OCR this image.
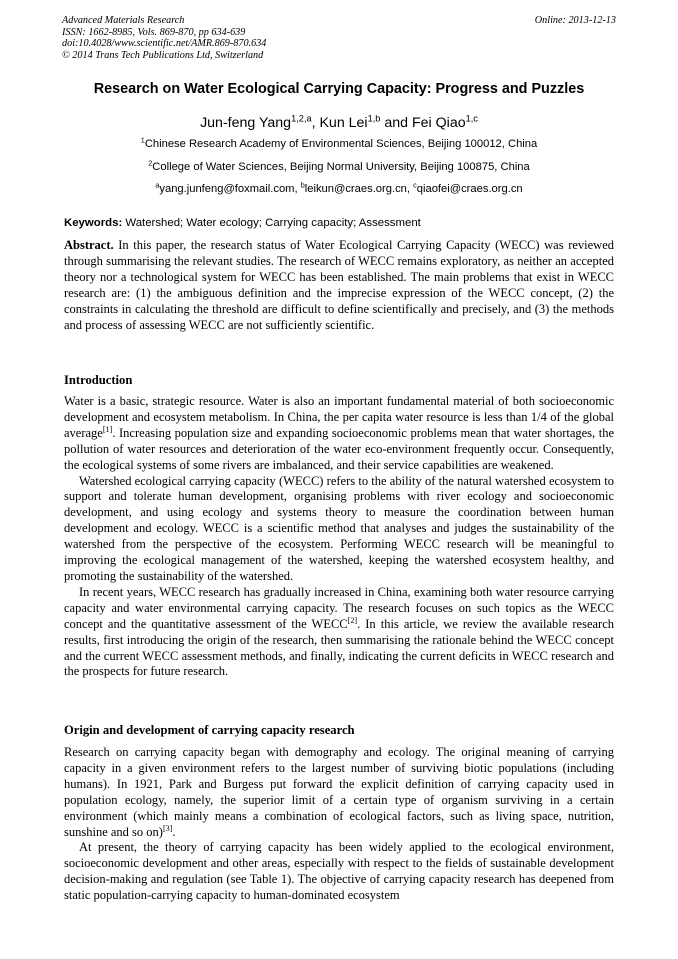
Advanced Materials Research
ISSN: 1662-8985, Vols. 869-870, pp 634-639
doi:10.4028/www.scientific.net/AMR.869-870.634
© 2014 Trans Tech Publications Ltd, Switzerland
Online: 2013-12-13
Research on Water Ecological Carrying Capacity: Progress and Puzzles
Jun-feng Yang$^{1,2,a}$, Kun Lei$^{1,b}$ and Fei Qiao$^{1,c}$
$^1$Chinese Research Academy of Environmental Sciences, Beijing 100012, China
$^2$College of Water Sciences, Beijing Normal University, Beijing 100875, China
$^a$yang.junfeng@foxmail.com, $^b$leikun@craes.org.cn, $^c$qiaofei@craes.org.cn
Keywords: Watershed; Water ecology; Carrying capacity; Assessment

Abstract. In this paper, the research status of Water Ecological Carrying Capacity (WECC) was reviewed through summarising the relevant studies. The research of WECC remains exploratory, as neither an accepted theory nor a technological system for WECC has been established. The main problems that exist in WECC research are: (1) the ambiguous definition and the imprecise expression of the WECC concept, (2) the constraints in calculating the threshold are difficult to define scientifically and precisely, and (3) the methods and process of assessing WECC are not sufficiently scientific.

Introduction

Water is a basic, strategic resource. Water is also an important fundamental material of both socioeconomic development and ecosystem metabolism. In China, the per capita water resource is less than 1/4 of the global average[1]. Increasing population size and expanding socioeconomic problems mean that water shortages, the pollution of water resources and deterioration of the water eco-environment frequently occur. Consequently, the ecological systems of some rivers are imbalanced, and their service capabilities are weakened.

Watershed ecological carrying capacity (WECC) refers to the ability of the natural watershed ecosystem to support and tolerate human development, organising problems with river ecology and socioeconomic development, and using ecology and systems theory to measure the coordination between human development and ecology. WECC is a scientific method that analyses and judges the sustainability of the watershed from the perspective of the ecosystem. Performing WECC research will be meaningful to improving the ecological management of the watershed, keeping the watershed ecosystem healthy, and promoting the sustainability of the watershed.

In recent years, WECC research has gradually increased in China, examining both water resource carrying capacity and water environmental carrying capacity. The research focuses on such topics as the WECC concept and the quantitative assessment of the WECC[2]. In this article, we review the available research results, first introducing the origin of the research, then summarising the rationale behind the WECC concept and the current WECC assessment methods, and finally, indicating the current deficits in WECC research and the prospects for future research.

Origin and development of carrying capacity research

Research on carrying capacity began with demography and ecology. The original meaning of carrying capacity in a given environment refers to the largest number of surviving biotic populations (including humans). In 1921, Park and Burgess put forward the explicit definition of carrying capacity used in population ecology, namely, the superior limit of a certain type of organism surviving in a certain environment (which mainly means a combination of ecological factors, such as living space, nutrition, sunshine and so on)[3].

At present, the theory of carrying capacity has been widely applied to the ecological environment, socioeconomic development and other areas, especially with respect to the fields of sustainable development decision-making and regulation (see Table 1). The objective of carrying capacity research has deepened from static population-carrying capacity to human-dominated ecosystem
